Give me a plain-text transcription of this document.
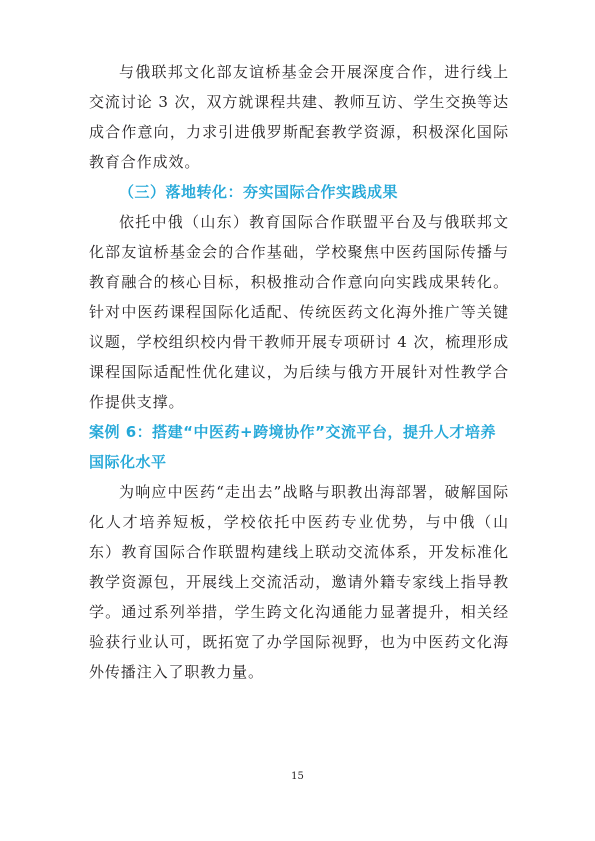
与俄联邦文化部友谊桥基金会开展深度合作，进行线上交流讨论 3 次，双方就课程共建、教师互访、学生交换等达成合作意向，力求引进俄罗斯配套教学资源，积极深化国际教育合作成效。

（三）落地转化：夯实国际合作实践成果

依托中俄（山东）教育国际合作联盟平台及与俄联邦文化部友谊桥基金会的合作基础，学校聚焦中医药国际传播与教育融合的核心目标，积极推动合作意向向实践成果转化。针对中医药课程国际化适配、传统医药文化海外推广等关键议题，学校组织校内骨干教师开展专项研讨 4 次，梳理形成课程国际适配性优化建议，为后续与俄方开展针对性教学合作提供支撑。

案例 6：搭建“中医药+跨境协作”交流平台，提升人才培养国际化水平

为响应中医药“走出去”战略与职教出海部署，破解国际化人才培养短板，学校依托中医药专业优势，与中俄（山东）教育国际合作联盟构建线上联动交流体系，开发标准化教学资源包，开展线上交流活动，邀请外籍专家线上指导教学。通过系列举措，学生跨文化沟通能力显著提升，相关经验获行业认可，既拓宽了办学国际视野，也为中医药文化海外传播注入了职教力量。

15
